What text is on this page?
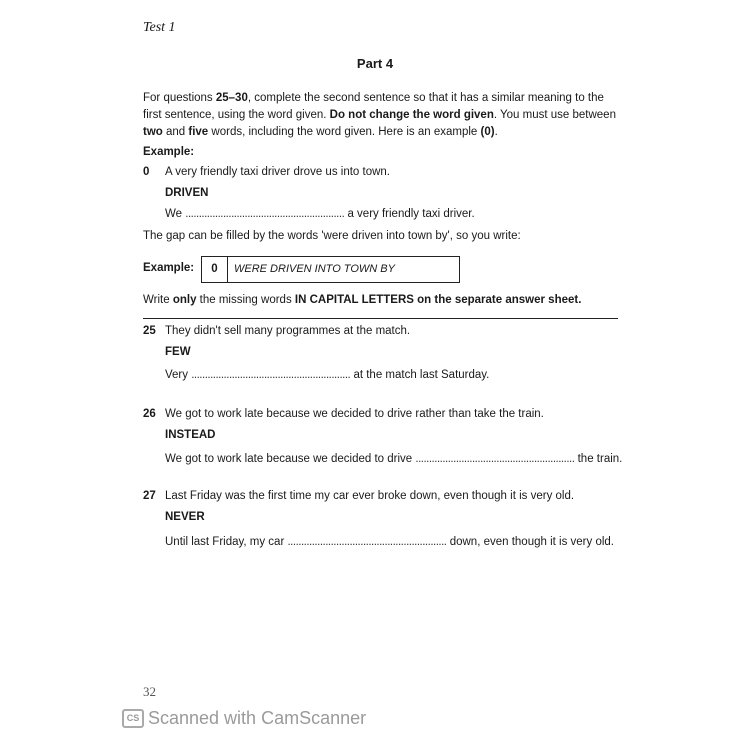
Test 1
Part 4
For questions 25–30, complete the second sentence so that it has a similar meaning to the first sentence, using the word given. Do not change the word given. You must use between two and five words, including the word given. Here is an example (0).
Example:
0 A very friendly taxi driver drove us into town.
DRIVEN
We ........................................................... a very friendly taxi driver.
The gap can be filled by the words 'were driven into town by', so you write:
Example:	0	WERE DRIVEN INTO TOWN BY
Write only the missing words IN CAPITAL LETTERS on the separate answer sheet.
25 They didn't sell many programmes at the match.
FEW
Very ........................................................... at the match last Saturday.
26 We got to work late because we decided to drive rather than take the train.
INSTEAD
We got to work late because we decided to drive ........................................................... the train.
27 Last Friday was the first time my car ever broke down, even though it is very old.
NEVER
Until last Friday, my car ........................................................... down, even though it is very old.
32
CS Scanned with CamScanner
